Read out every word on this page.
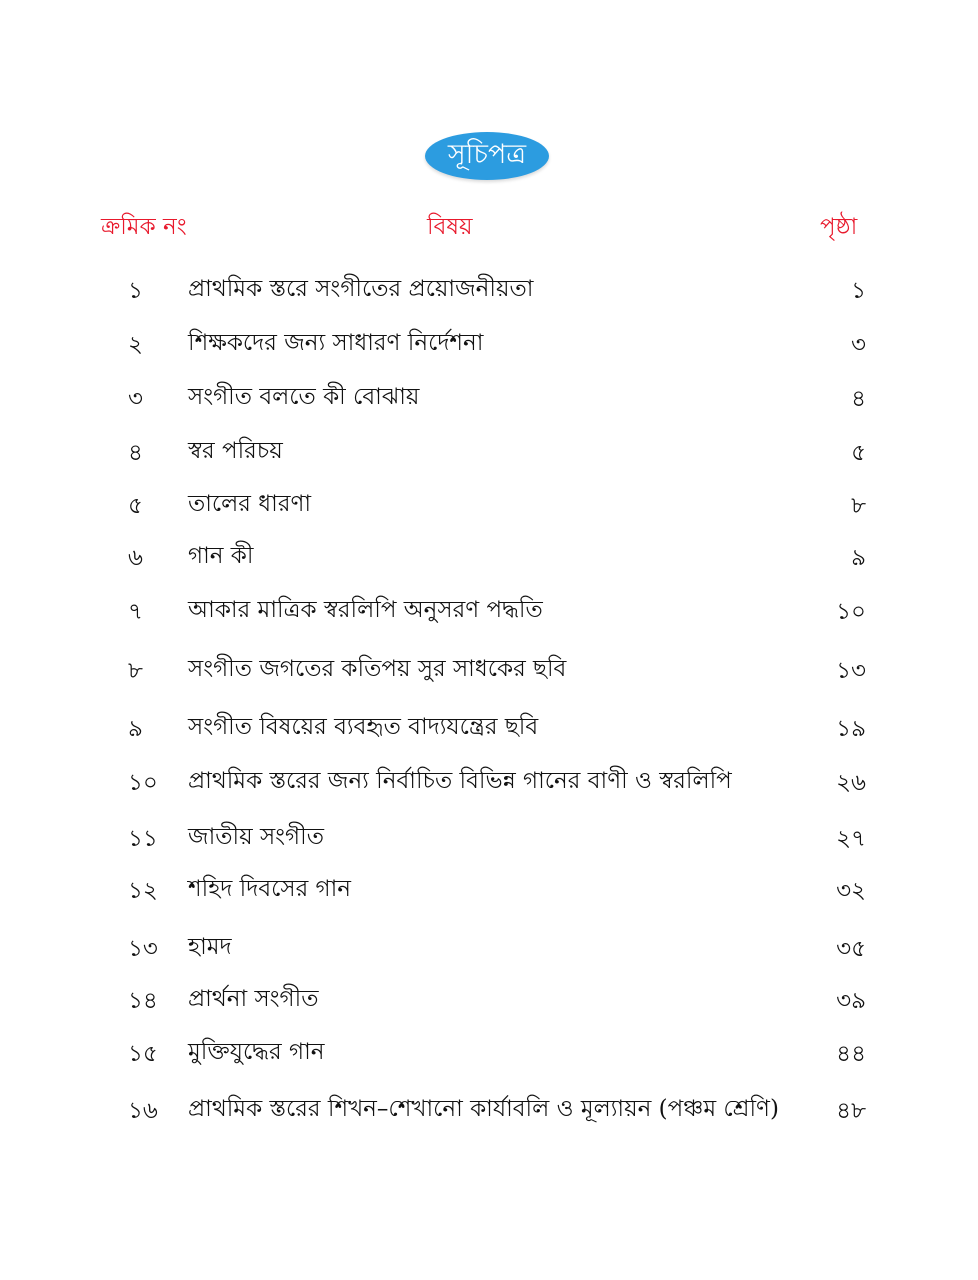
সূচিপত্র
ক্রমিক নং	বিষয়	পৃষ্ঠা
১ প্রাথমিক স্তরে সংগীতের প্রয়োজনীয়তা	১
২ শিক্ষকদের জন্য সাধারণ নির্দেশনা	৩
৩ সংগীত বলতে কী বোঝায়	৪
৪ স্বর পরিচয়	৫
৫ তালের ধারণা	৮
৬ গান কী	৯
৭ আকার মাত্রিক স্বরলিপি অনুসরণ পদ্ধতি	১০
৮ সংগীত জগতের কতিপয় সুর সাধকের ছবি	১৩
৯ সংগীত বিষয়ের ব্যবহৃত বাদ্যযন্ত্রের ছবি	১৯
১০ প্রাথমিক স্তরের জন্য নির্বাচিত বিভিন্ন গানের বাণী ও স্বরলিপি	২৬
১১ জাতীয় সংগীত	২৭
১২ শহিদ দিবসের গান	৩২
১৩ হামদ	৩৫
১৪ প্রার্থনা সংগীত	৩৯
১৫ মুক্তিযুদ্ধের গান	৪৪
১৬ প্রাথমিক স্তরের শিখন–শেখানো কার্যাবলি ও মূল্যায়ন (পঞ্চম শ্রেণি) ৪৮
